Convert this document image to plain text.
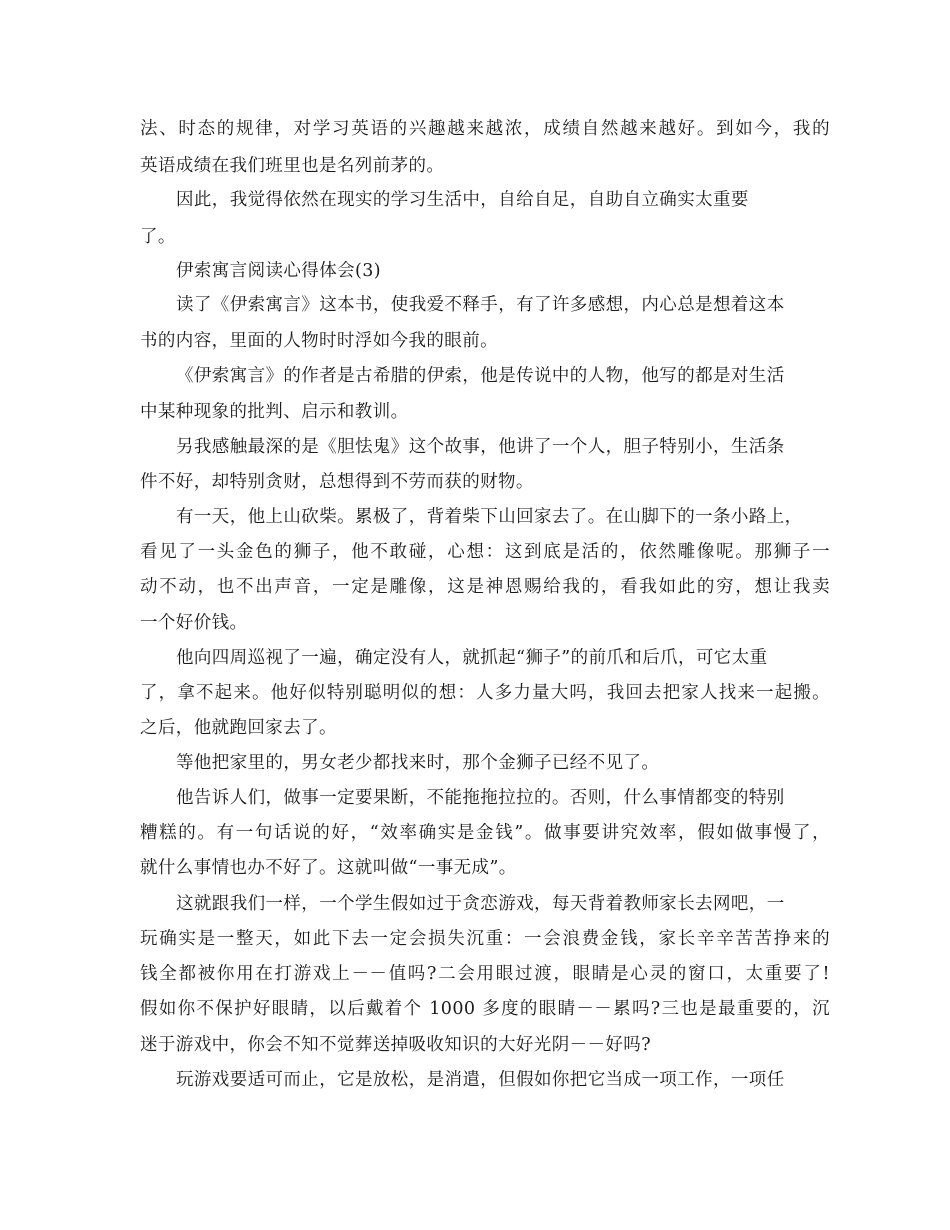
法、时态的规律，对学习英语的兴趣越来越浓，成绩自然越来越好。到如今，我的
英语成绩在我们班里也是名列前茅的。
因此，我觉得依然在现实的学习生活中，自给自足，自助自立确实太重要
了。
伊索寓言阅读心得体会(3)
读了《伊索寓言》这本书，使我爱不释手，有了许多感想，内心总是想着这本
书的内容，里面的人物时时浮如今我的眼前。
《伊索寓言》的作者是古希腊的伊索，他是传说中的人物，他写的都是对生活
中某种现象的批判、启示和教训。
另我感触最深的是《胆怯鬼》这个故事，他讲了一个人，胆子特别小，生活条
件不好，却特别贪财，总想得到不劳而获的财物。
有一天，他上山砍柴。累极了，背着柴下山回家去了。在山脚下的一条小路上，
看见了一头金色的狮子，他不敢碰，心想：这到底是活的，依然雕像呢。那狮子一
动不动，也不出声音，一定是雕像，这是神恩赐给我的，看我如此的穷，想让我卖
一个好价钱。
他向四周巡视了一遍，确定没有人，就抓起“狮子”的前爪和后爪，可它太重
了，拿不起来。他好似特别聪明似的想：人多力量大吗，我回去把家人找来一起搬。
之后，他就跑回家去了。
等他把家里的，男女老少都找来时，那个金狮子已经不见了。
他告诉人们，做事一定要果断，不能拖拖拉拉的。否则，什么事情都变的特别
糟糕的。有一句话说的好，“效率确实是金钱”。做事要讲究效率，假如做事慢了，
就什么事情也办不好了。这就叫做“一事无成”。
这就跟我们一样，一个学生假如过于贪恋游戏，每天背着教师家长去网吧，一
玩确实是一整天，如此下去一定会损失沉重：一会浪费金钱，家长辛辛苦苦挣来的
钱全都被你用在打游戏上－－值吗?二会用眼过渡，眼睛是心灵的窗口，太重要了!
假如你不保护好眼睛，以后戴着个 1000 多度的眼睛－－累吗?三也是最重要的，沉
迷于游戏中，你会不知不觉葬送掉吸收知识的大好光阴－－好吗?
玩游戏要适可而止，它是放松，是消遣，但假如你把它当成一项工作，一项任
